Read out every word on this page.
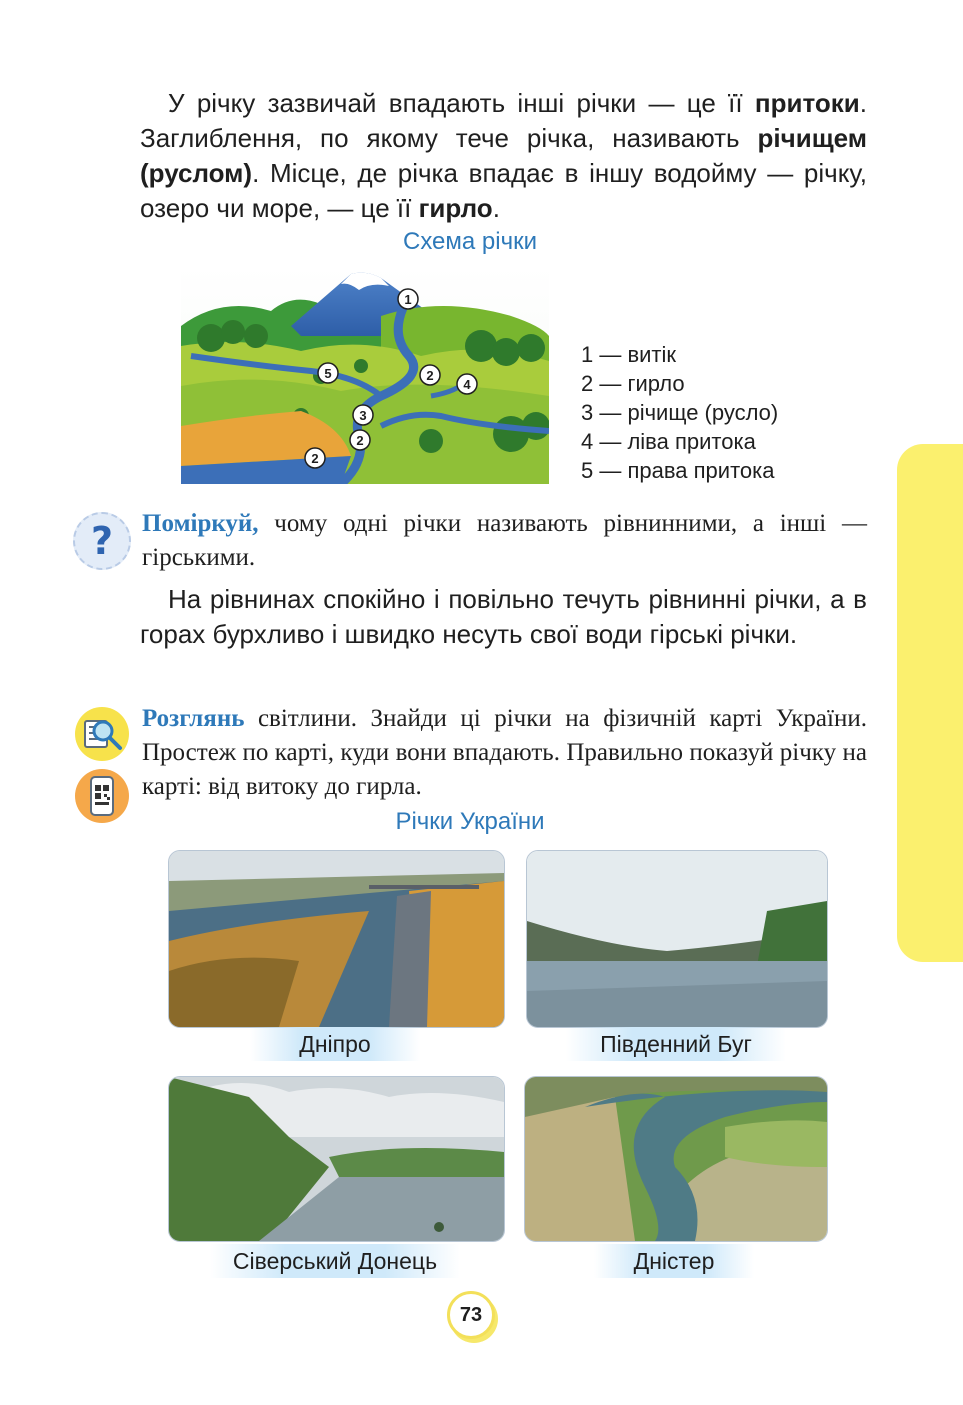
У річку зазвичай впадають інші річки — це її притоки. Заглиблення, по якому тече річка, називають річищем (руслом). Місце, де річка впадає в іншу водойму — річку, озеро чи море, — це її гирло.
Схема річки
1
2
3
4
5
2
2
1 — витік
2 — гирло
3 — річище (русло)
4 — ліва притока
5 — права притока
? Поміркуй, чому одні річки називають рівнинними, а інші — гірськими.
На рівнинах спокійно і повільно течуть рівнинні річки, а в горах бурхливо і швидко несуть свої води гірські річки.
Розглянь світлини. Знайди ці річки на фізичній карті України. Простеж по карті, куди вони впадають. Правильно показуй річку на карті: від витоку до гирла.
Річки України
Дніпро	Південний Буг
Сіверський Донець	Дністер
73
